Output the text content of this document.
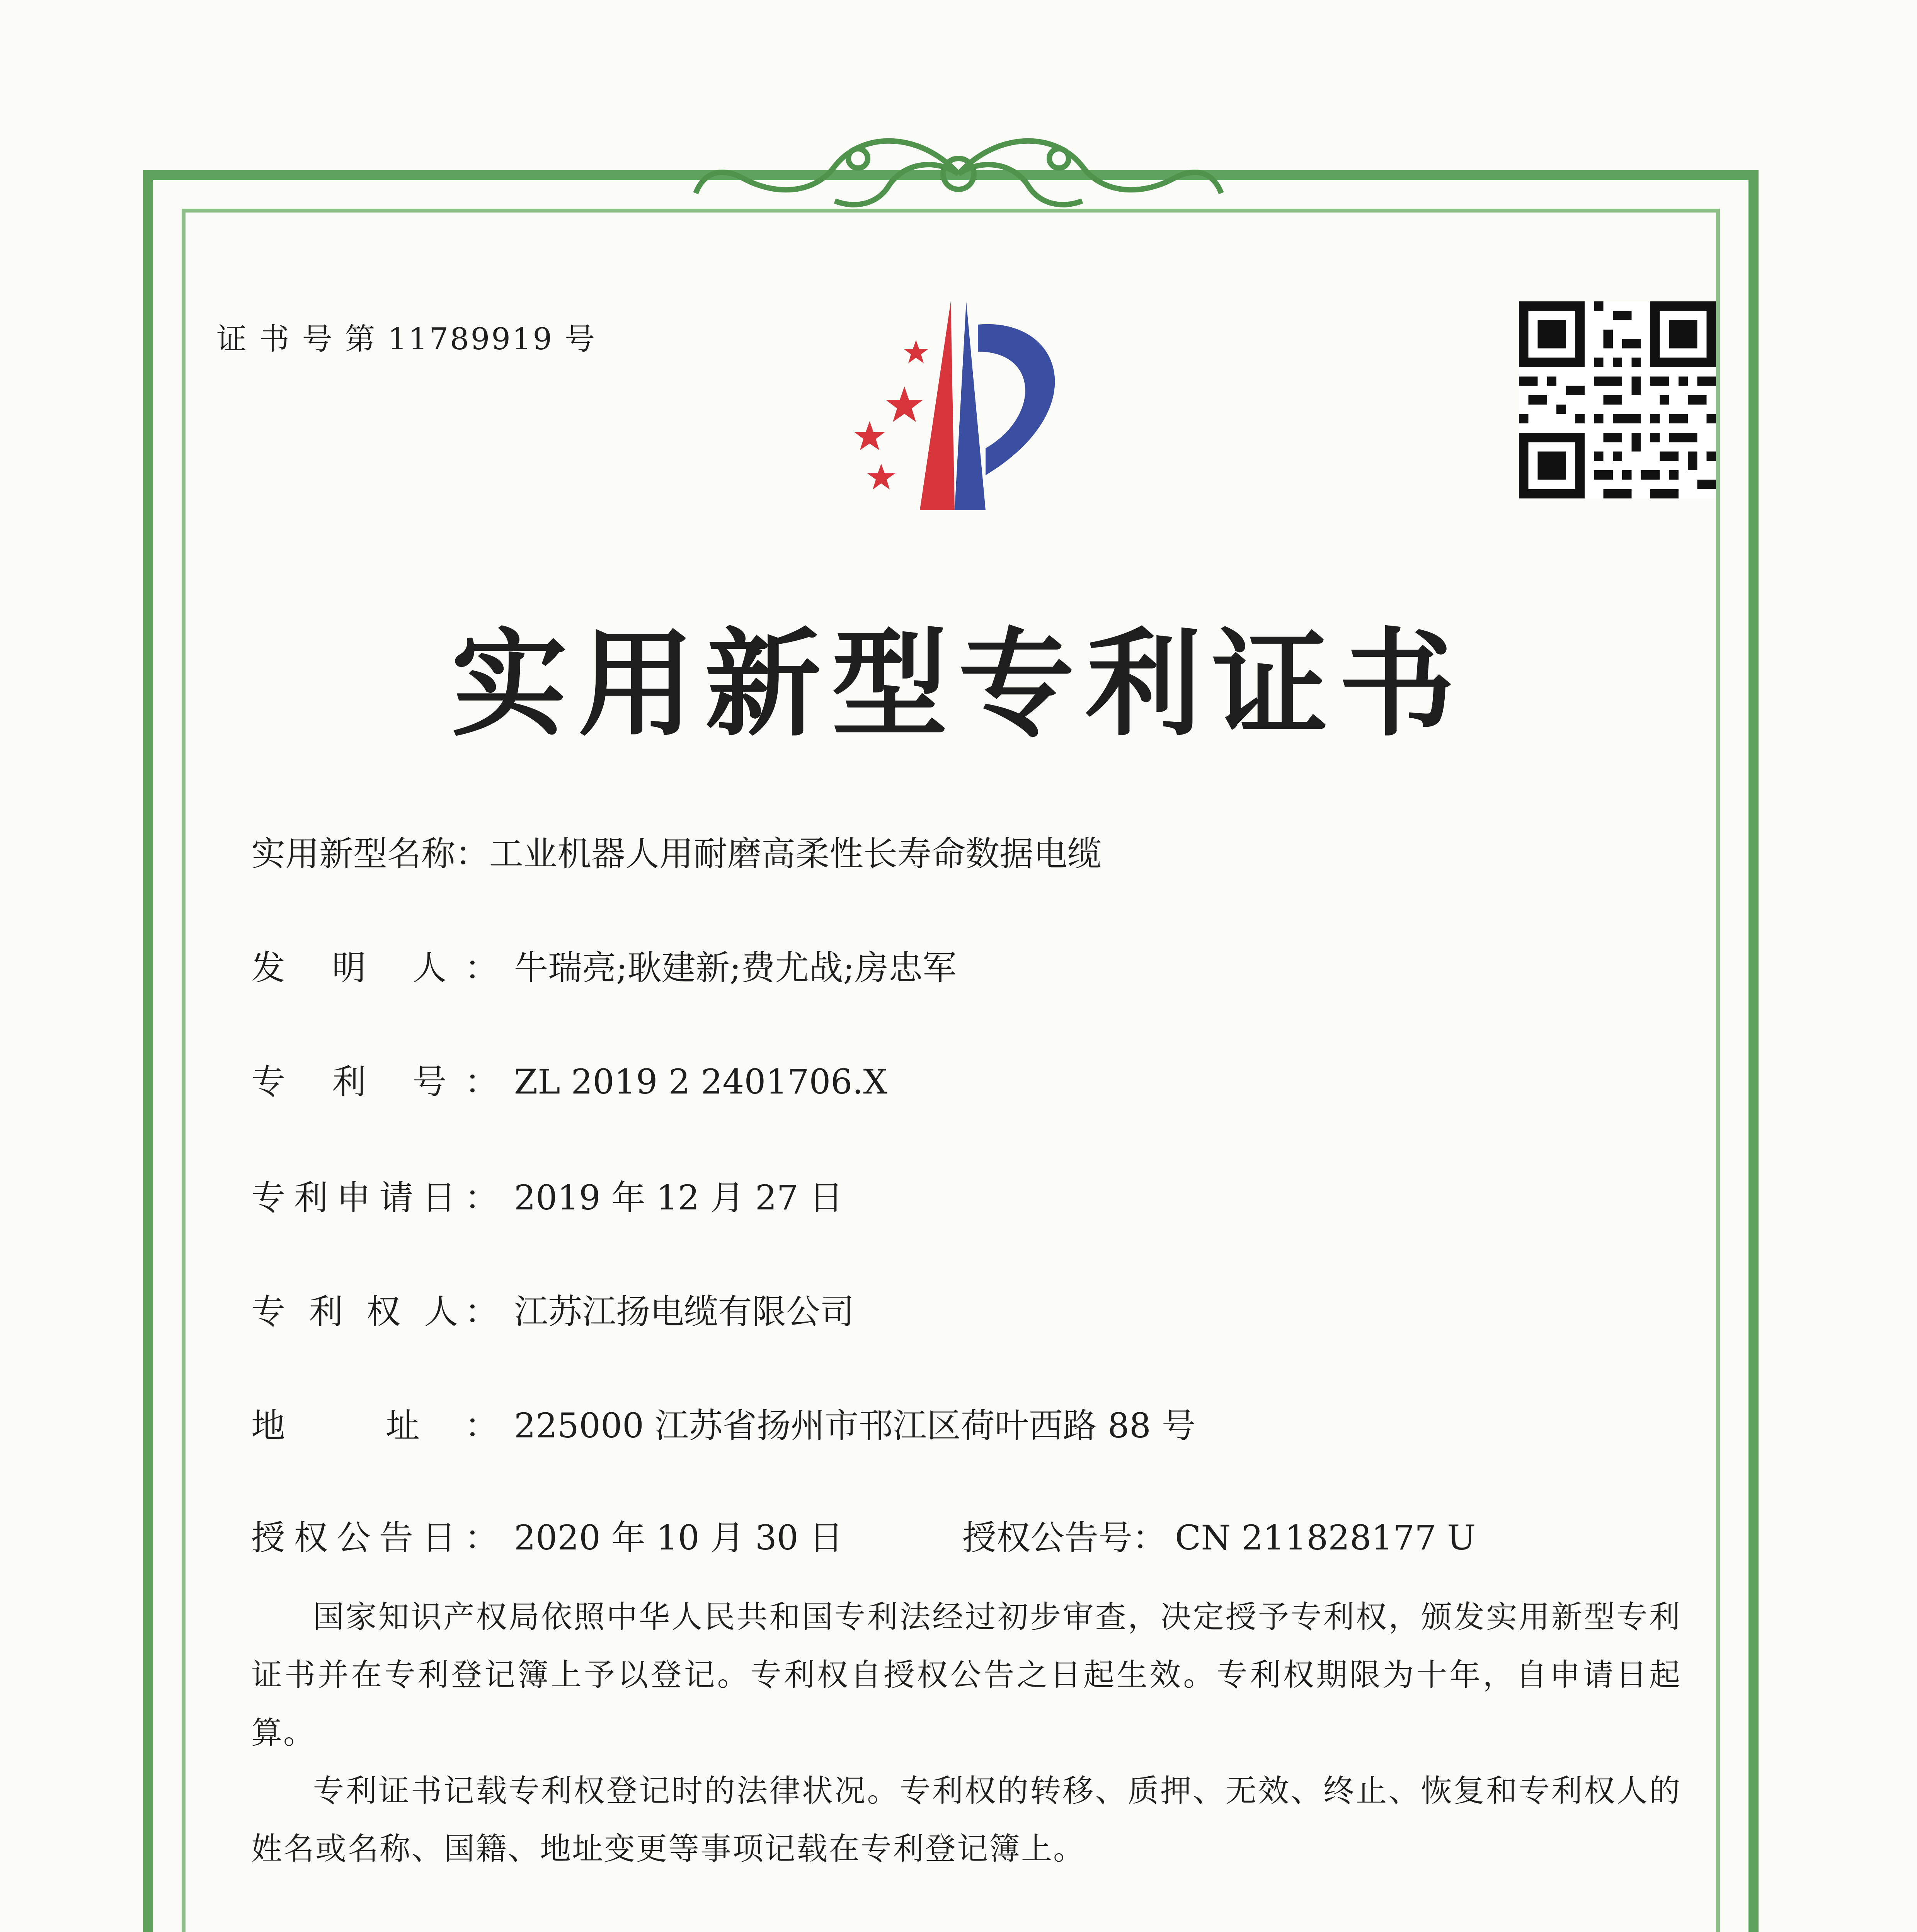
证 书 号 第 11789919 号
实用新型专利证书
实用新型名称： 工业机器人用耐磨高柔性长寿命数据电缆
发 明 人： 牛瑞亮;耿建新;费尤战;房忠军
专 利 号： ZL 2019 2 2401706.X
专利申请日： 2019 年 12 月 27 日
专 利 权 人： 江苏江扬电缆有限公司
地 址： 225000 江苏省扬州市邗江区荷叶西路 88 号
授权公告日： 2020 年 10 月 30 日	授权公告号： CN 211828177 U
国家知识产权局依照中华人民共和国专利法经过初步审查，决定授予专利权，颁发实用新型专利证书并在专利登记簿上予以登记。专利权自授权公告之日起生效。专利权期限为十年，自申请日起算。
专利证书记载专利权登记时的法律状况。专利权的转移、质押、无效、终止、恢复和专利权人的姓名或名称、国籍、地址变更等事项记载在专利登记簿上。
